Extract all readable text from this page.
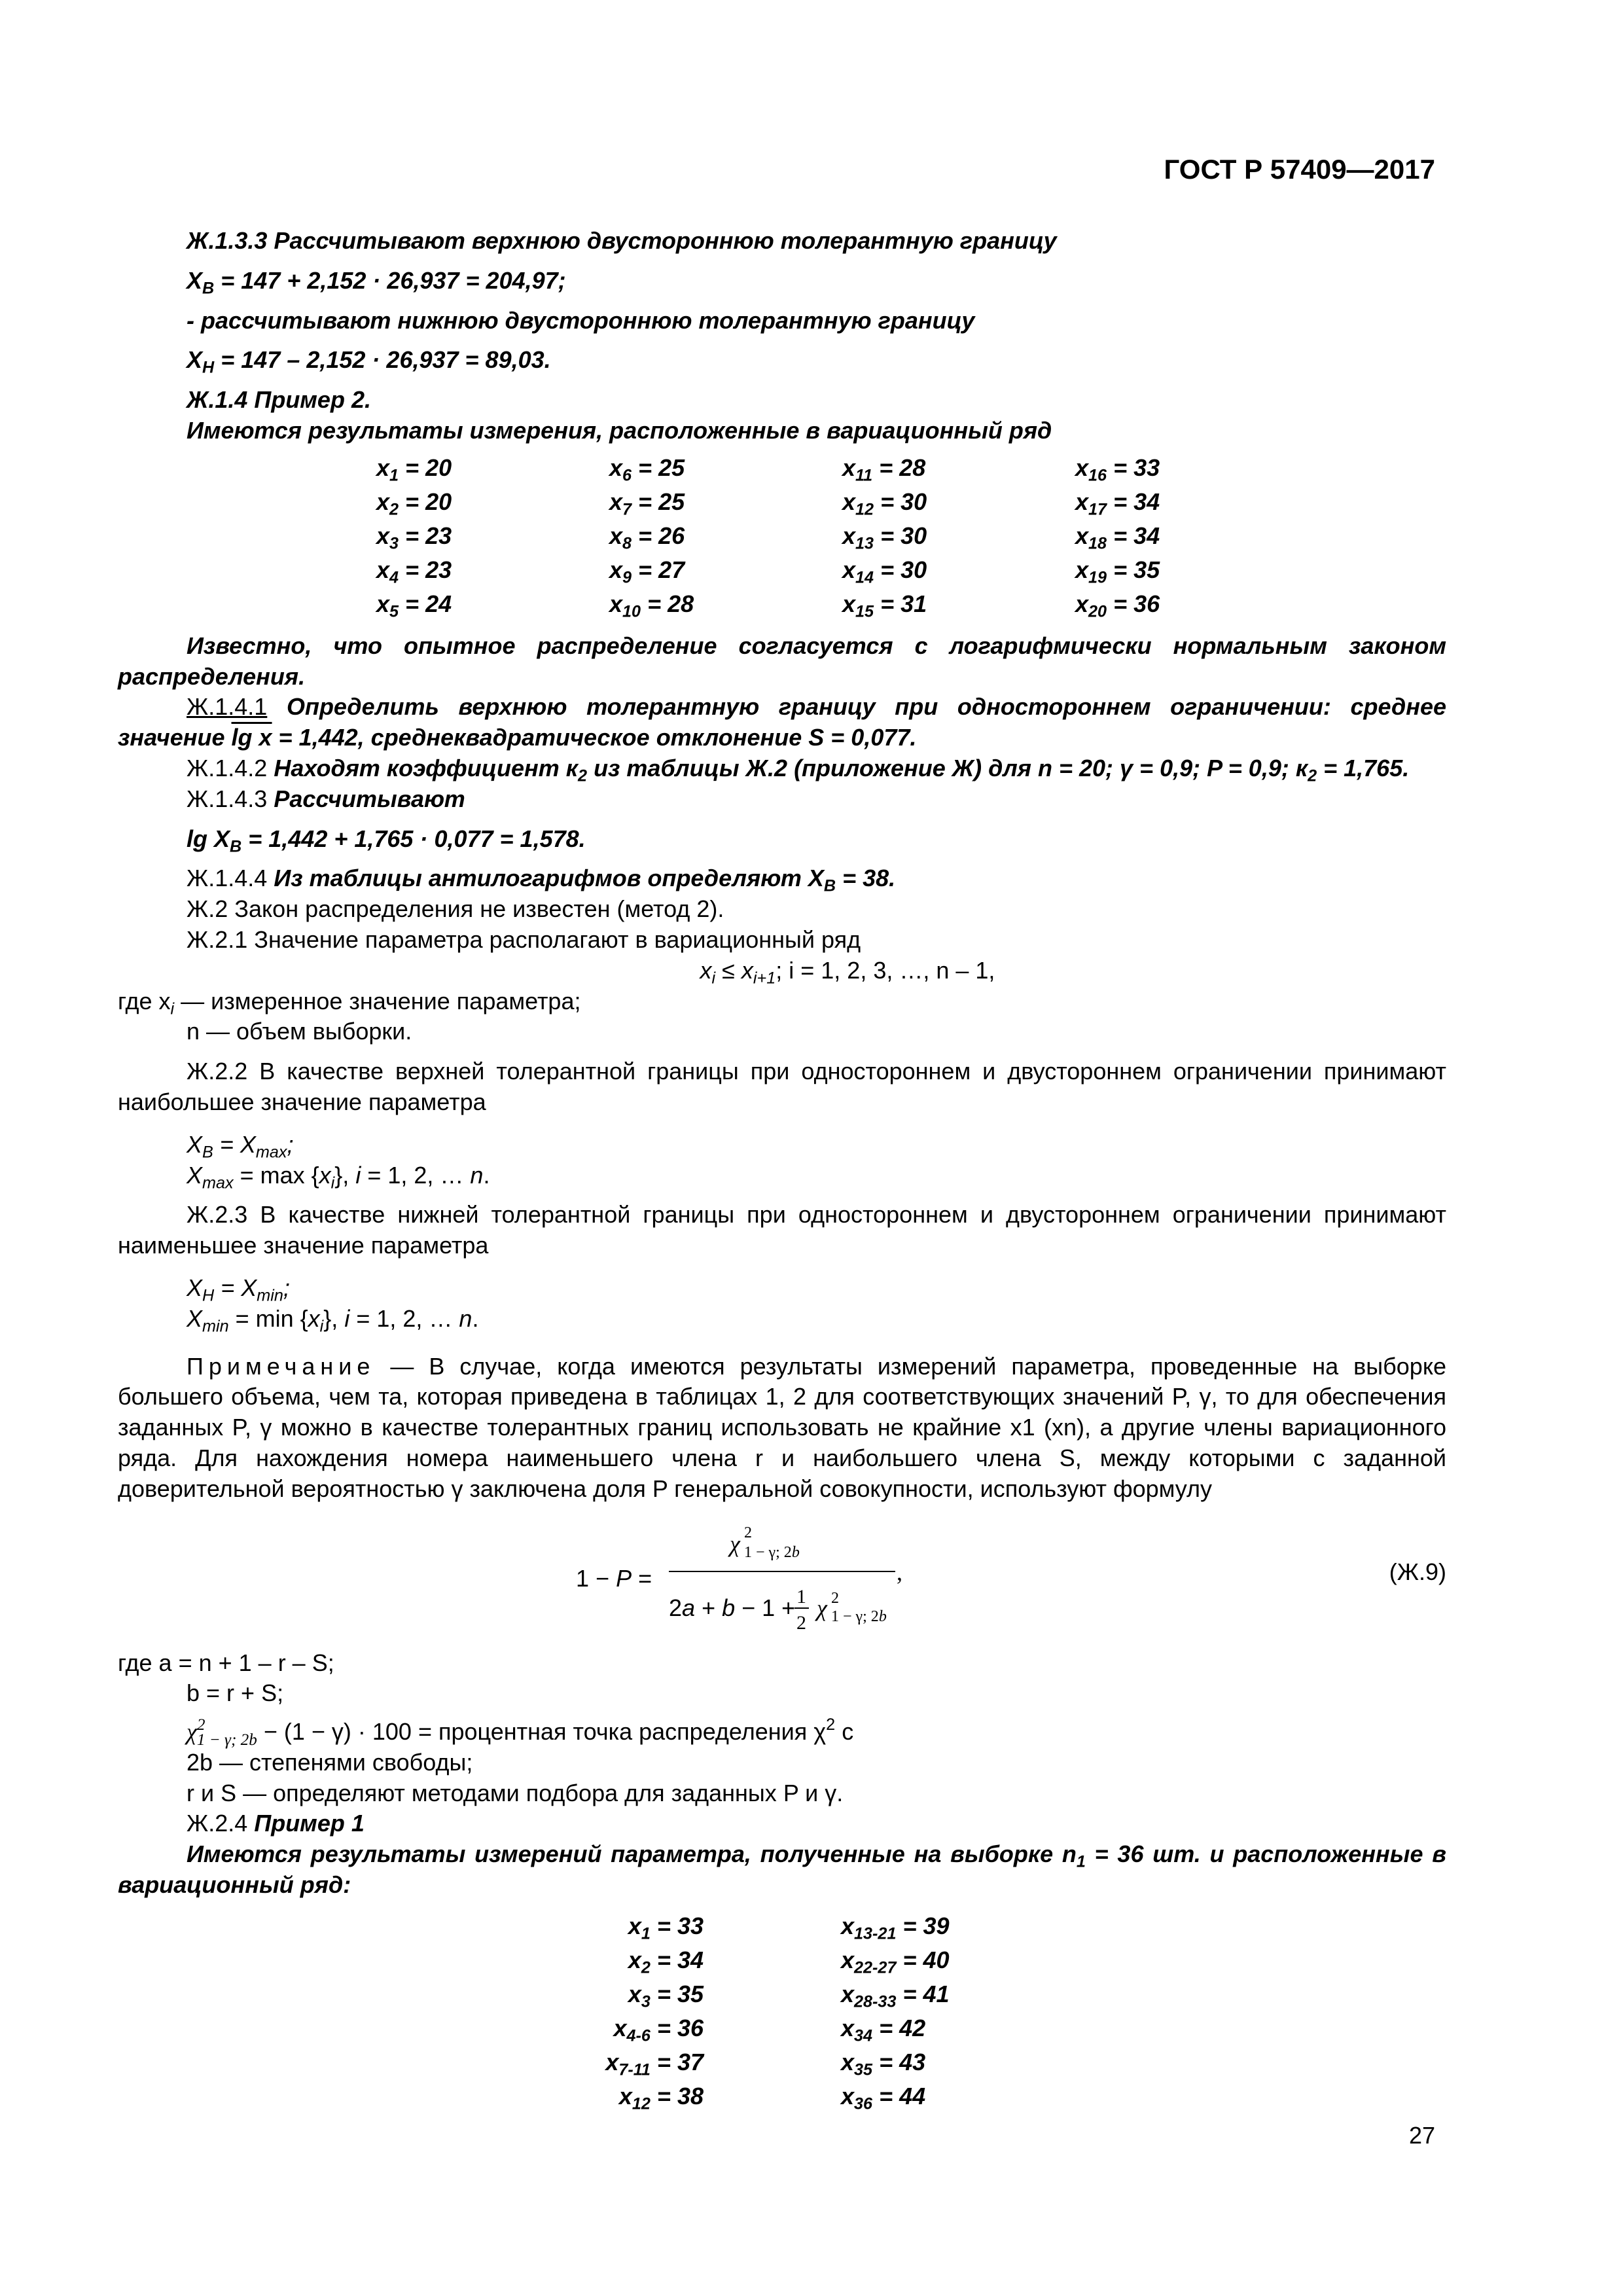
ГОСТ Р 57409—2017

Ж.1.3.3 Рассчитывают верхнюю двустороннюю толерантную границу

$X_B = 147 + 2,152 \cdot 26,937 = 204,97$;

- рассчитывают нижнюю двустороннюю толерантную границу

$X_H = 147 - 2,152 \cdot 26,937 = 89,03$.

Ж.1.4 Пример 2.

Имеются результаты измерения, расположенные в вариационный ряд

$x_1 = 20$	$x_6 = 25$	$x_{11} = 28$	$x_{16} = 33$
$x_2 = 20$	$x_7 = 25$	$x_{12} = 30$	$x_{17} = 34$
$x_3 = 23$	$x_8 = 26$	$x_{13} = 30$	$x_{18} = 34$
$x_4 = 23$	$x_9 = 27$	$x_{14} = 30$	$x_{19} = 35$
$x_5 = 24$	$x_{10} = 28$	$x_{15} = 31$	$x_{20} = 36$

Известно, что опытное распределение согласуется с логарифмически нормальным законом распределения.

Ж.1.4.1 Определить верхнюю толерантную границу при одностороннем ограничении: среднее значение lg x = 1,442, среднеквадратическое отклонение S = 0,077.

Ж.1.4.2 Находят коэффициент $к_2$ из таблицы Ж.2 (приложение Ж) для n = 20; γ = 0,9; P = 0,9; $к_2 = 1,765$.

Ж.1.4.3 Рассчитывают

$\lg X_B = 1,442 + 1,765 \cdot 0,077 = 1,578$.

Ж.1.4.4 Из таблицы антилогарифмов определяют $X_B = 38$.

Ж.2 Закон распределения не известен (метод 2).

Ж.2.1 Значение параметра располагают в вариационный ряд

$x_i \le x_{i+1}$; i = 1, 2, 3, …, n – 1,

где $x_i$ — измеренное значение параметра;

n — объем выборки.

Ж.2.2 В качестве верхней толерантной границы при одностороннем и двустороннем ограничении принимают наибольшее значение параметра

$X_B = X_{max}$;

$X_{max} = \max \{x_i\}$, i = 1, 2, … n.

Ж.2.3 В качестве нижней толерантной границы при одностороннем и двустороннем ограничении принимают наименьшее значение параметра

$X_H = X_{min}$;

$X_{min} = \min \{x_i\}$, i = 1, 2, … n.

Примечание — В случае, когда имеются результаты измерений параметра, проведенные на выборке большего объема, чем та, которая приведена в таблицах 1, 2 для соответствующих значений P, γ, то для обеспечения заданных P, γ можно в качестве толерантных границ использовать не крайние x1 (xn), а другие члены вариационного ряда. Для нахождения номера наименьшего члена r и наибольшего члена S, между которыми с заданной доверительной вероятностью γ заключена доля P генеральной совокупности, используют формулу

1 − P =
χ 2
1 − γ; 2b
,
2a + b − 1 + 1
2
χ 2
1 − γ; 2b
(Ж.9)

где a = n + 1 – r – S;

b = r + S;

$\chi^2_{1 - \gamma; 2b} - (1 - \gamma) \cdot 100$ = процентная точка распределения $\chi^2$ с

2b — степенями свободы;

r и S — определяют методами подбора для заданных P и γ.

Ж.2.4 Пример 1

Имеются результаты измерений параметра, полученные на выборке $n_1 = 36$ шт. и расположенные в вариационный ряд:

$x_1 = 33$	$x_{13-21} = 39$
$x_2 = 34$	$x_{22-27} = 40$
$x_3 = 35$	$x_{28-33} = 41$
$x_{4-6} = 36$	$x_{34} = 42$
$x_{7-11} = 37$	$x_{35} = 43$
$x_{12} = 38$	$x_{36} = 44$
27
